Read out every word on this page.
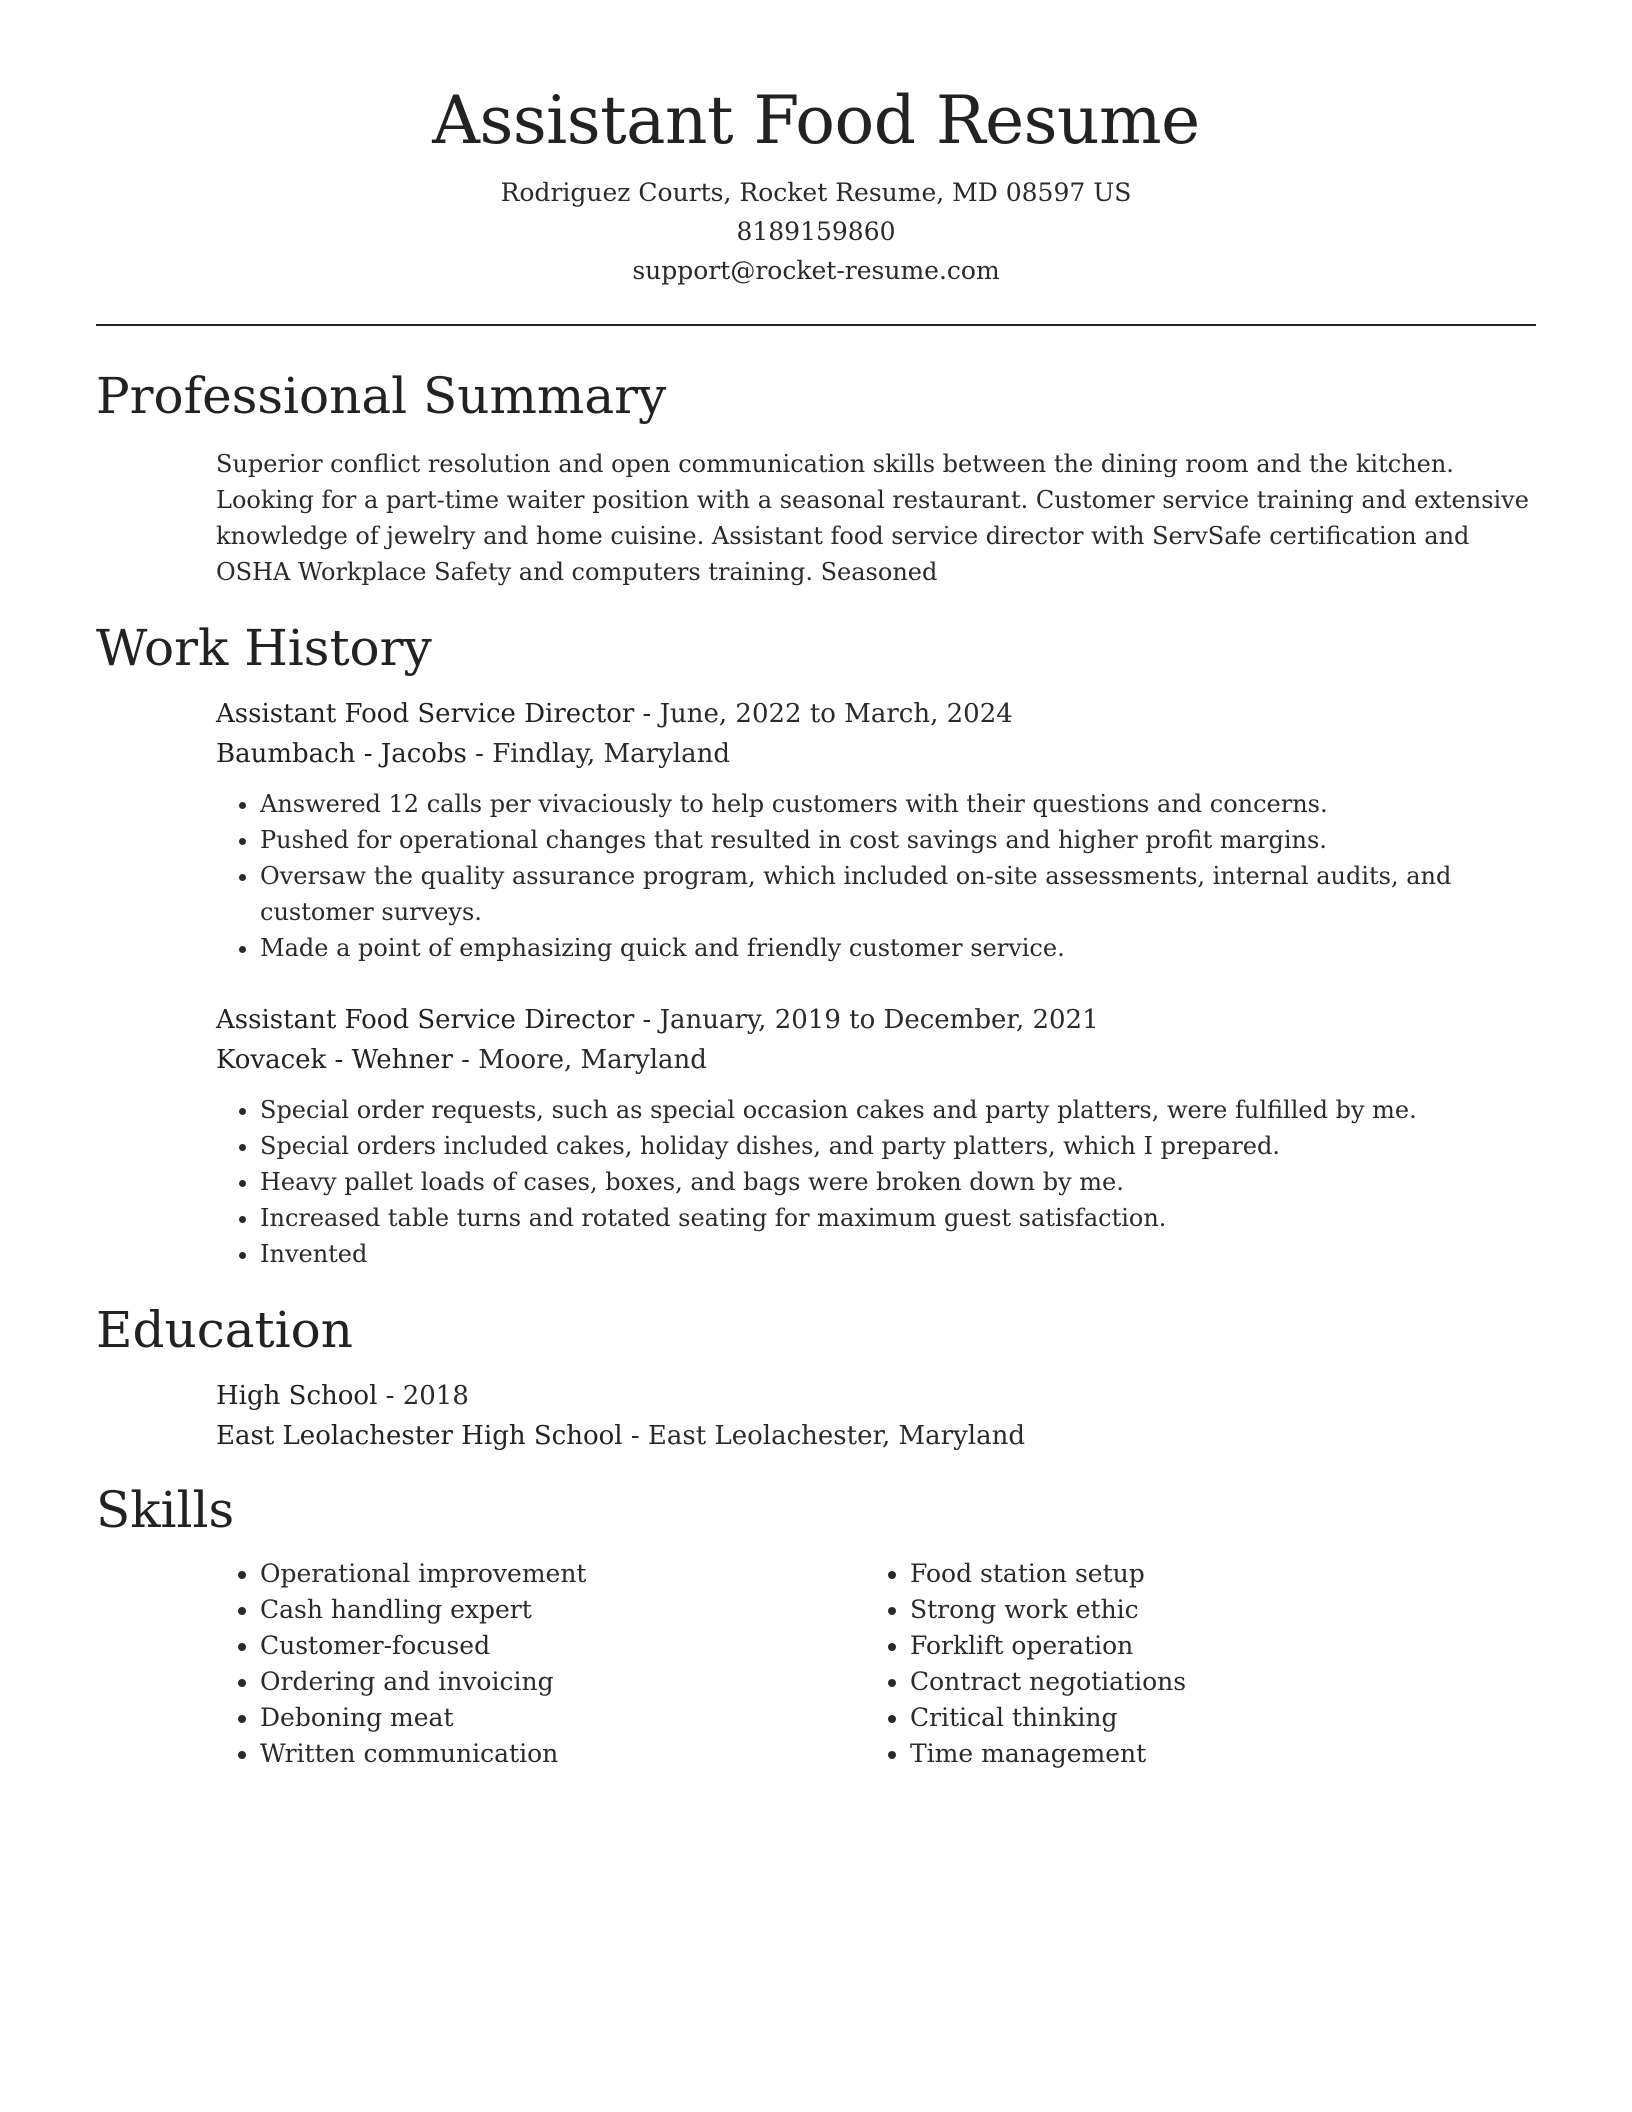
Assistant Food Resume
Rodriguez Courts, Rocket Resume, MD 08597 US
8189159860
support@rocket-resume.com
Professional Summary

Superior conflict resolution and open communication skills between the dining room and the kitchen. Looking for a part-time waiter position with a seasonal restaurant. Customer service training and extensive knowledge of jewelry and home cuisine. Assistant food service director with ServSafe certification and OSHA Workplace Safety and computers training. Seasoned

Work History
Assistant Food Service Director - June, 2022 to March, 2024
Baumbach - Jacobs - Findlay, Maryland
• Answered 12 calls per vivaciously to help customers with their questions and concerns.
• Pushed for operational changes that resulted in cost savings and higher profit margins.
• Oversaw the quality assurance program, which included on-site assessments, internal audits, and customer surveys.
• Made a point of emphasizing quick and friendly customer service.
Assistant Food Service Director - January, 2019 to December, 2021
Kovacek - Wehner - Moore, Maryland
• Special order requests, such as special occasion cakes and party platters, were fulfilled by me.
• Special orders included cakes, holiday dishes, and party platters, which I prepared.
• Heavy pallet loads of cases, boxes, and bags were broken down by me.
• Increased table turns and rotated seating for maximum guest satisfaction.
• Invented
Education
High School - 2018
East Leolachester High School - East Leolachester, Maryland
Skills
• Operational improvement
• Cash handling expert
• Customer-focused
• Ordering and invoicing
• Deboning meat
• Written communication
• Food station setup
• Strong work ethic
• Forklift operation
• Contract negotiations
• Critical thinking
• Time management
